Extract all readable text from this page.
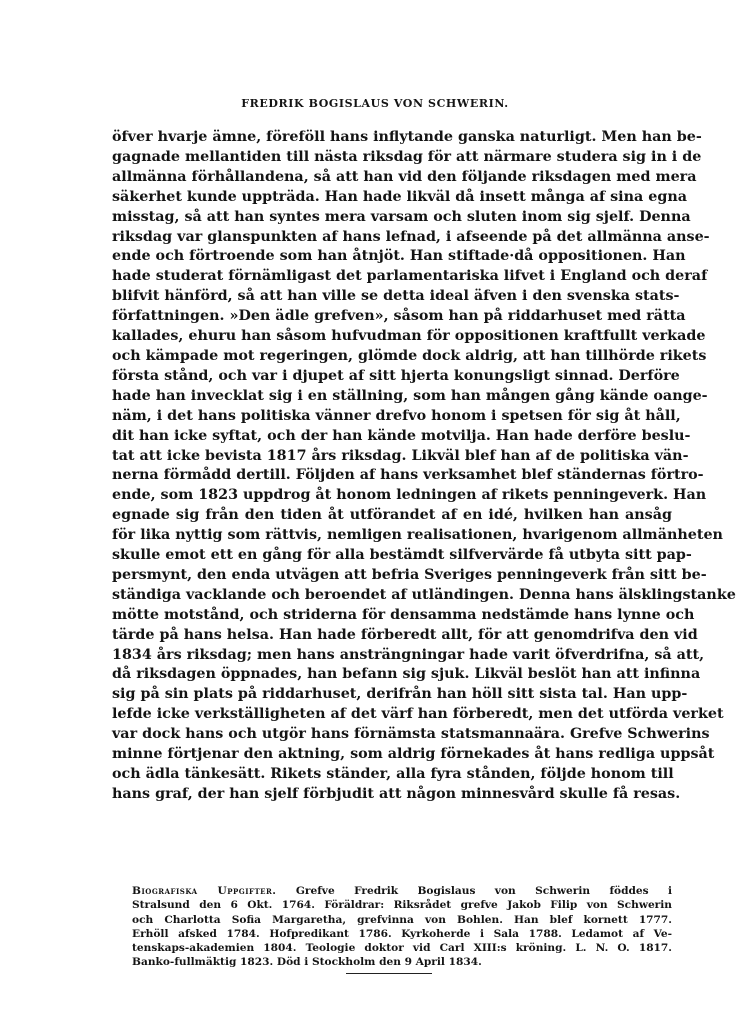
FREDRIK BOGISLAUS VON SCHWERIN.
öfver hvarje ämne, föreföll hans inflytande ganska naturligt. Men han be-
gagnade mellantiden till nästa riksdag för att närmare studera sig in i de
allmänna förhållandena, så att han vid den följande riksdagen med mera
säkerhet kunde uppträda. Han hade likväl då insett många af sina egna
misstag, så att han syntes mera varsam och sluten inom sig sjelf. Denna
riksdag var glanspunkten af hans lefnad, i afseende på det allmänna anse-
ende och förtroende som han åtnjöt. Han stiftade·då oppositionen. Han
hade studerat förnämligast det parlamentariska lifvet i England och deraf
blifvit hänförd, så att han ville se detta ideal äfven i den svenska stats-
författningen. »Den ädle grefven», såsom han på riddarhuset med rätta
kallades, ehuru han såsom hufvudman för oppositionen kraftfullt verkade
och kämpade mot regeringen, glömde dock aldrig, att han tillhörde rikets
första stånd, och var i djupet af sitt hjerta konungsligt sinnad. Derföre
hade han invecklat sig i en ställning, som han mången gång kände oange-
näm, i det hans politiska vänner drefvo honom i spetsen för sig åt håll,
dit han icke syftat, och der han kände motvilja. Han hade derföre beslu-
tat att icke bevista 1817 års riksdag. Likväl blef han af de politiska vän-
nerna förmådd dertill. Följden af hans verksamhet blef ständernas förtro-
ende, som 1823 uppdrog åt honom ledningen af rikets penningeverk. Han
egnade sig från den tiden åt utförandet af en idé, hvilken han ansåg
för lika nyttig som rättvis, nemligen realisationen, hvarigenom allmänheten
skulle emot ett en gång för alla bestämdt silfvervärde få utbyta sitt pap-
persmynt, den enda utvägen att befria Sveriges penningeverk från sitt be-
ständiga vacklande och beroendet af utländingen. Denna hans älsklingstanke
mötte motstånd, och striderna för densamma nedstämde hans lynne och
tärde på hans helsa. Han hade förberedt allt, för att genomdrifva den vid
1834 års riksdag; men hans ansträngningar hade varit öfverdrifna, så att,
då riksdagen öppnades, han befann sig sjuk. Likväl beslöt han att infinna
sig på sin plats på riddarhuset, derifrån han höll sitt sista tal. Han upp-
lefde icke verkställigheten af det värf han förberedt, men det utförda verket
var dock hans och utgör hans förnämsta statsmannaära. Grefve Schwerins
minne förtjenar den aktning, som aldrig förnekades åt hans redliga uppsåt
och ädla tänkesätt. Rikets ständer, alla fyra stånden, följde honom till
hans graf, der han sjelf förbjudit att någon minnesvård skulle få resas.
Biografiska Uppgifter. Grefve Fredrik Bogislaus von Schwerin föddes i
Stralsund den 6 Okt. 1764. Föräldrar: Riksrådet grefve Jakob Filip von Schwerin
och Charlotta Sofia Margaretha, grefvinna von Bohlen. Han blef kornett 1777.
Erhöll afsked 1784. Hofpredikant 1786. Kyrkoherde i Sala 1788. Ledamot af Ve-
tenskaps-akademien 1804. Teologie doktor vid Carl XIII:s kröning. L. N. O. 1817.
Banko-fullmäktig 1823. Död i Stockholm den 9 April 1834.
